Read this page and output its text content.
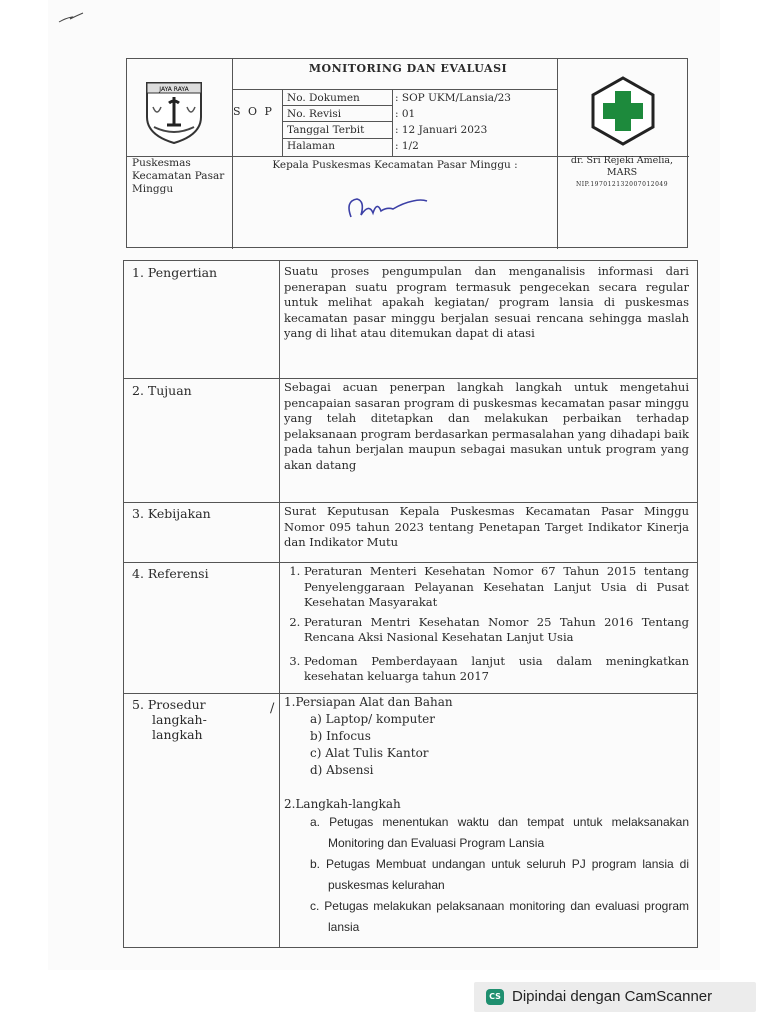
JAYA RAYA
MONITORING DAN EVALUASI
S O P
No. Dokumen	: SOP UKM/Lansia/23
No. Revisi	: 01
Tanggal Terbit	: 12 Januari 2023
Halaman	: 1/2
Puskesmas Kecamatan Pasar Minggu
Kepala Puskesmas Kecamatan Pasar Minggu :	dr. Sri Rejeki Amelia, MARS
NIP.197012132007012049
1. Pengertian	Suatu proses pengumpulan dan menganalisis informasi dari penerapan suatu program termasuk pengecekan secara regular untuk melihat apakah kegiatan/ program lansia di puskesmas kecamatan pasar minggu berjalan sesuai rencana sehingga maslah yang di lihat atau ditemukan dapat di atasi
2. Tujuan	Sebagai acuan penerpan langkah langkah untuk mengetahui pencapaian sasaran program di puskesmas kecamatan pasar minggu yang telah ditetapkan dan melakukan perbaikan terhadap pelaksanaan program berdasarkan permasalahan yang dihadapi baik pada tahun berjalan maupun sebagai masukan untuk program yang akan datang
3. Kebijakan	Surat Keputusan Kepala Puskesmas Kecamatan Pasar Minggu Nomor 095 tahun 2023 tentang Penetapan Target Indikator Kinerja dan Indikator Mutu
4. Referensi
1.	Peraturan Menteri Kesehatan Nomor 67 Tahun 2015 tentang Penyelenggaraan Pelayanan Kesehatan Lanjut Usia di Pusat Kesehatan Masyarakat
2. Peraturan Mentri Kesehatan Nomor 25 Tahun 2016 Tentang Rencana Aksi Nasional Kesehatan Lanjut Usia
3. Pedoman Pemberdayaan lanjut usia dalam meningkatkan kesehatan keluarga tahun 2017
5. Prosedur
langkah-
langkah
/ 1.Persiapan Alat dan Bahan
a) Laptop/ komputer
b) Infocus
c) Alat Tulis Kantor
d) Absensi
2.Langkah-langkah
a. Petugas menentukan waktu dan tempat untuk melaksanakan Monitoring dan Evaluasi Program Lansia
b. Petugas Membuat undangan untuk seluruh PJ program lansia di puskesmas kelurahan
c. Petugas melakukan pelaksanaan monitoring dan evaluasi program lansia
CS Dipindai dengan CamScanner
